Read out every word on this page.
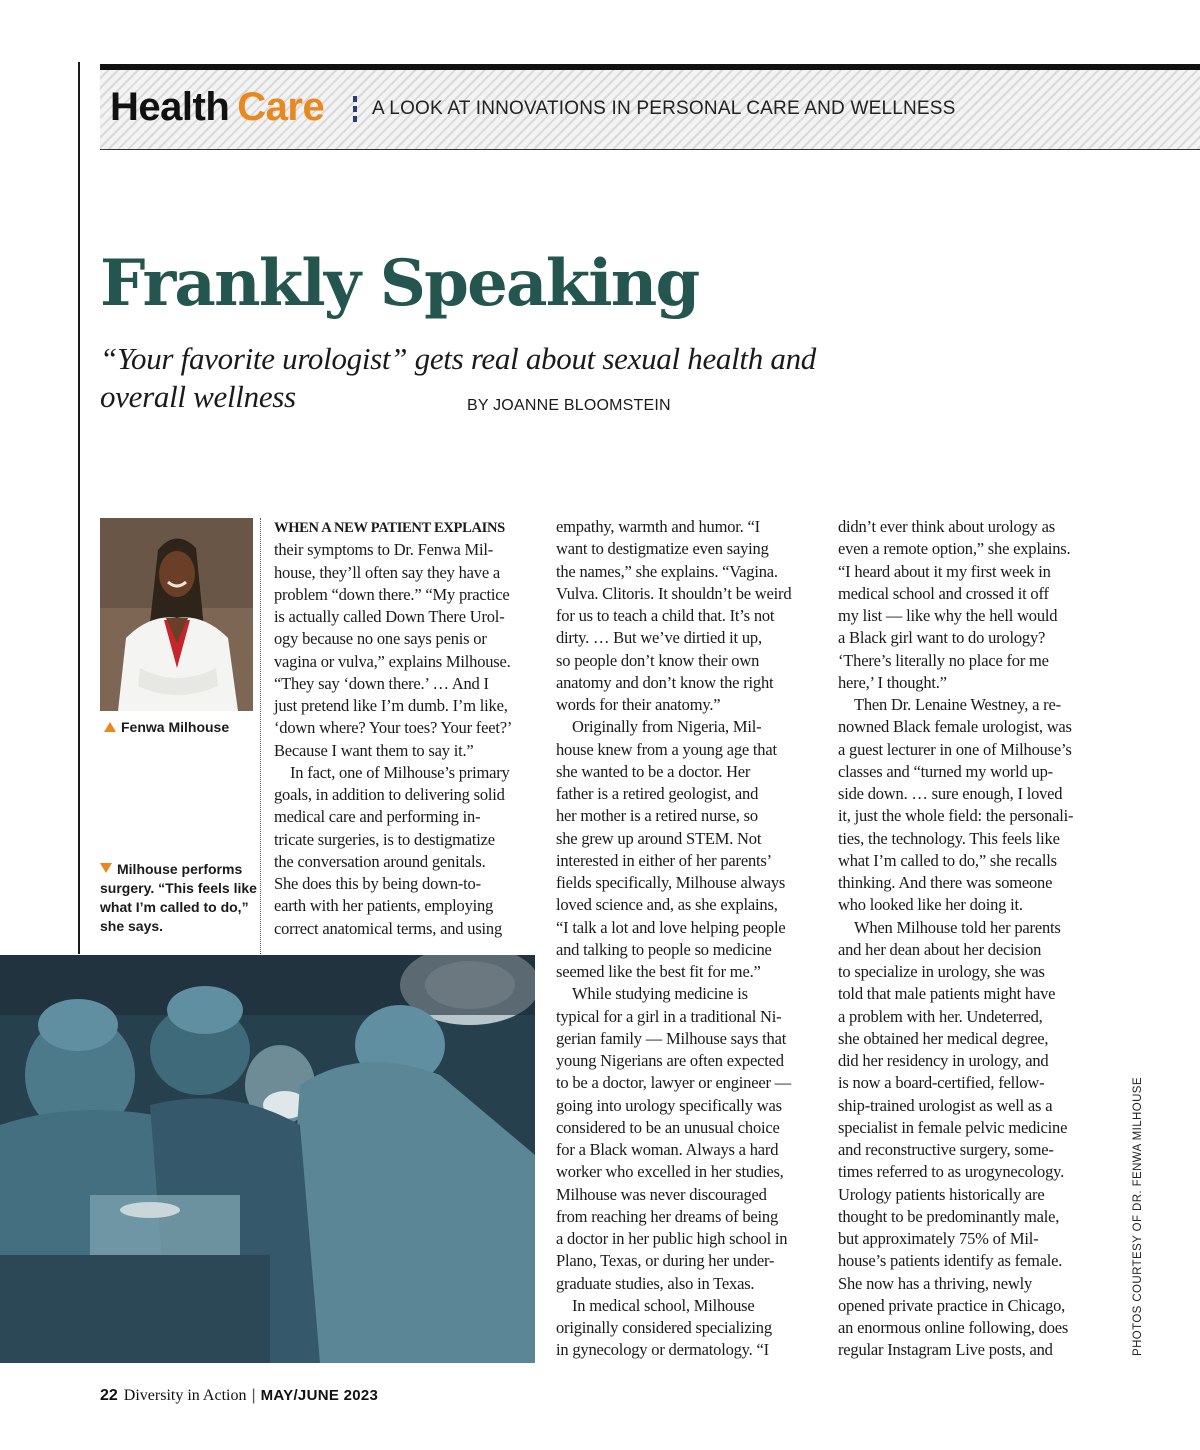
Health Care	A LOOK AT INNOVATIONS IN PERSONAL CARE AND WELLNESS
Frankly Speaking
“Your favorite urologist” gets real about sexual health and overall wellness	BY JOANNE BLOOMSTEIN
Fenwa Milhouse
Milhouse performs surgery. “This feels like what I’m called to do,” she says.

WHEN A NEW PATIENT EXPLAINS

their symptoms to Dr. Fenwa Mil-

house, they’ll often say they have a

problem “down there.” “My practice

is actually called Down There Urol-

ogy because no one says penis or

vagina or vulva,” explains Milhouse.

“They say ‘down there.’ … And I

just pretend like I’m dumb. I’m like,

‘down where? Your toes? Your feet?’

Because I want them to say it.”

In fact, one of Milhouse’s primary

goals, in addition to delivering solid

medical care and performing in-

tricate surgeries, is to destigmatize

the conversation around genitals.

She does this by being down-to-

earth with her patients, employing

correct anatomical terms, and using

empathy, warmth and humor. “I

want to destigmatize even saying

the names,” she explains. “Vagina.

Vulva. Clitoris. It shouldn’t be weird

for us to teach a child that. It’s not

dirty. … But we’ve dirtied it up,

so people don’t know their own

anatomy and don’t know the right

words for their anatomy.”

Originally from Nigeria, Mil-

house knew from a young age that

she wanted to be a doctor. Her

father is a retired geologist, and

her mother is a retired nurse, so

she grew up around STEM. Not

interested in either of her parents’

fields specifically, Milhouse always

loved science and, as she explains,

“I talk a lot and love helping people

and talking to people so medicine

seemed like the best fit for me.”

While studying medicine is

typical for a girl in a traditional Ni-

gerian family — Milhouse says that

young Nigerians are often expected

to be a doctor, lawyer or engineer —

going into urology specifically was

considered to be an unusual choice

for a Black woman. Always a hard

worker who excelled in her studies,

Milhouse was never discouraged

from reaching her dreams of being

a doctor in her public high school in

Plano, Texas, or during her under-

graduate studies, also in Texas.

In medical school, Milhouse

originally considered specializing

in gynecology or dermatology. “I

didn’t ever think about urology as

even a remote option,” she explains.

“I heard about it my first week in

medical school and crossed it off

my list — like why the hell would

a Black girl want to do urology?

‘There’s literally no place for me

here,’ I thought.”

Then Dr. Lenaine Westney, a re-

nowned Black female urologist, was

a guest lecturer in one of Milhouse’s

classes and “turned my world up-

side down. … sure enough, I loved

it, just the whole field: the personali-

ties, the technology. This feels like

what I’m called to do,” she recalls

thinking. And there was someone

who looked like her doing it.

When Milhouse told her parents

and her dean about her decision

to specialize in urology, she was

told that male patients might have

a problem with her. Undeterred,

she obtained her medical degree,

did her residency in urology, and

is now a board-certified, fellow-

ship-trained urologist as well as a

specialist in female pelvic medicine

and reconstructive surgery, some-

times referred to as urogynecology.

Urology patients historically are

thought to be predominantly male,

but approximately 75% of Mil-

house’s patients identify as female.

She now has a thriving, newly

opened private practice in Chicago,

an enormous online following, does

regular Instagram Live posts, and	PHOTOS COURTESY OF DR. FENWA MILHOUSE
22 Diversity in Action | MAY/JUNE 2023
